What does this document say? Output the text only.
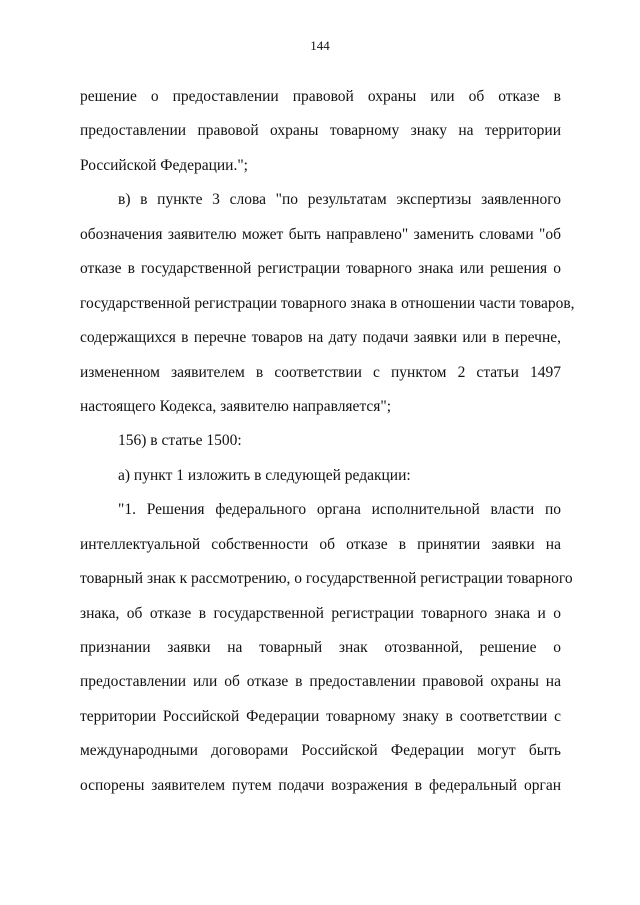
144
решение о предоставлении правовой охраны или об отказе в
предоставлении правовой охраны товарному знаку на территории
Российской Федерации.";
в) в пункте 3 слова "по результатам экспертизы заявленного
обозначения заявителю может быть направлено" заменить словами "об
отказе в государственной регистрации товарного знака или решения о
государственной регистрации товарного знака в отношении части товаров,
содержащихся в перечне товаров на дату подачи заявки или в перечне,
измененном заявителем в соответствии с пунктом 2 статьи 1497
настоящего Кодекса, заявителю направляется";
156) в статье 1500:
а) пункт 1 изложить в следующей редакции:
"1. Решения федерального органа исполнительной власти по
интеллектуальной собственности об отказе в принятии заявки на
товарный знак к рассмотрению, о государственной регистрации товарного
знака, об отказе в государственной регистрации товарного знака и о
признании заявки на товарный знак отозванной, решение о
предоставлении или об отказе в предоставлении правовой охраны на
территории Российской Федерации товарному знаку в соответствии с
международными договорами Российской Федерации могут быть
оспорены заявителем путем подачи возражения в федеральный орган
